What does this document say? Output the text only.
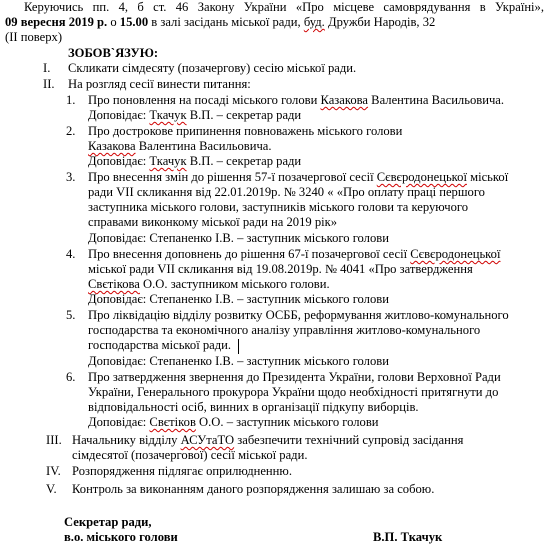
Керуючись пп. 4, б ст. 46 Закону України «Про місцеве самоврядування в Україні»,
09 вересня 2019 р. о 15.00 в залі засідань міської ради, буд. Дружби Народів, 32
(ІІ поверх)
ЗОБОВ`ЯЗУЮ:
І. Скликати сімдесяту (позачергову) сесію міської ради.
ІІ. На розгляд сесії винести питання:
1. Про поновлення на посаді міського голови Казакова Валентина Васильовича.
Доповідає: Ткачук В.П. – секретар ради
2. Про дострокове припинення повноважень міського голови
Казакова Валентина Васильовича.
Доповідає: Ткачук В.П. – секретар ради
3. Про внесення змін до рішення 57-ї позачергової сесії Сєвєродонецької міської
ради VII скликання від 22.01.2019р. № 3240 « «Про оплату праці першого
заступника міського голови, заступників міського голови та керуючого
справами виконкому міської ради на 2019 рік»
Доповідає: Степаненко І.В. – заступник міського голови
4. Про внесення доповнень до рішення 67-ї позачергової сесії Сєвєродонецької
міської ради VII скликання від 19.08.2019р. № 4041 «Про затвердження
Свєтікова О.О. заступником міського голови.
Доповідає: Степаненко І.В. – заступник міського голови
5. Про ліквідацію відділу розвитку ОСББ, реформування житлово-комунального
господарства та економічного аналізу управління житлово-комунального
господарства міської ради.
Доповідає: Степаненко І.В. – заступник міського голови
6. Про затвердження звернення до Президента України, голови Верховної Ради
України, Генерального прокурора України щодо необхідності притягнути до
відповідальності осіб, винних в організації підкупу виборців.
Доповідає: Свєтіков О.О. – заступник міського голови
ІІІ. Начальнику відділу АСУтаТО забезпечити технічний супровід засідання
сімдесятої (позачергової) сесії міської ради.
ІV. Розпорядження підлягає оприлюдненню.
V. Контроль за виконанням даного розпорядження залишаю за собою.
Секретар ради,
в.о. міського голови	В.П. Ткачук
